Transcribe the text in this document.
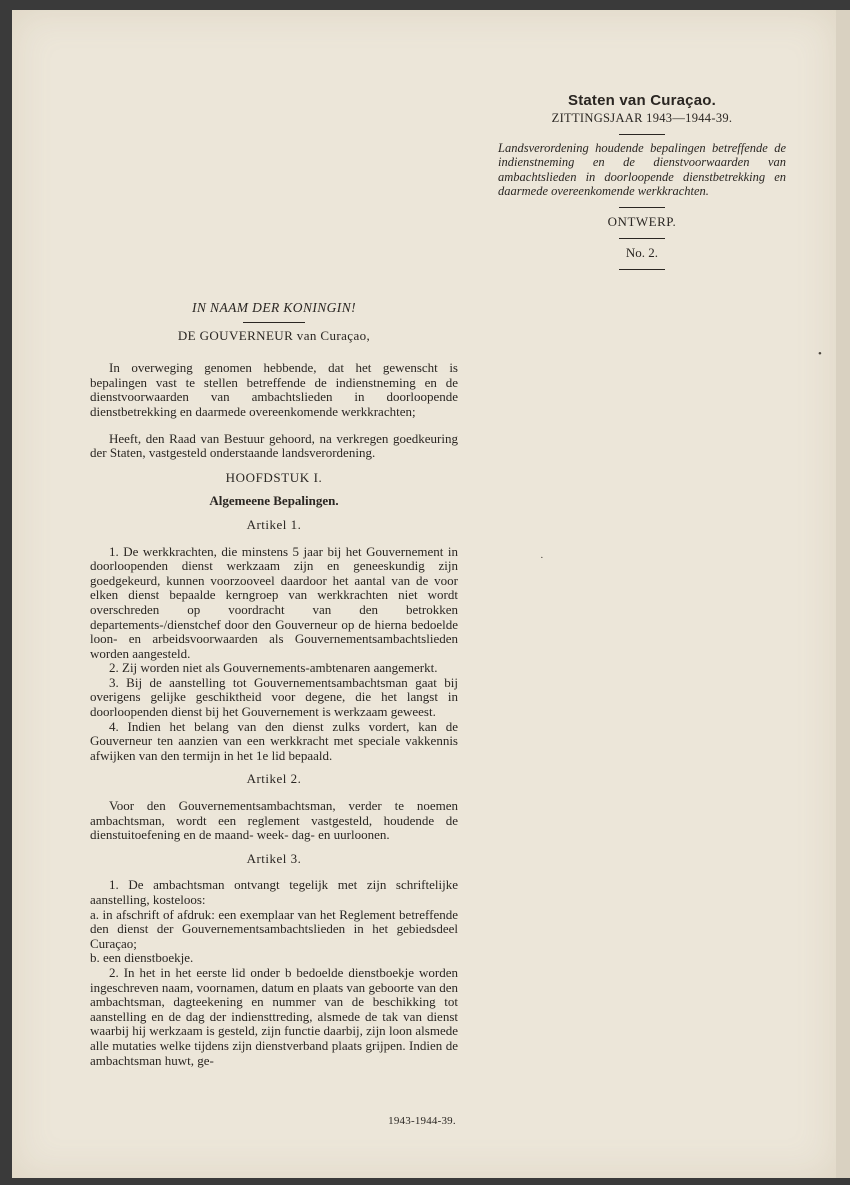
Staten van Curaçao.
ZITTINGSJAAR 1943—1944-39.

Landsverordening houdende bepalingen betreffende de indienstneming en de dienstvoorwaarden van ambachtslieden in doorloopende dienstbetrekking en daarmede overeenkomende werkkrachten.

ONTWERP.
No. 2.

IN NAAM DER KONINGIN!

DE GOUVERNEUR van Curaçao,

In overweging genomen hebbende, dat het gewenscht is bepalingen vast te stellen betreffende de indienstneming en de dienstvoorwaarden van ambachtslieden in doorloopende dienstbetrekking en daarmede overeenkomende werkkrachten;

Heeft, den Raad van Bestuur gehoord, na verkregen goedkeuring der Staten, vastgesteld onderstaande landsverordening.

HOOFDSTUK I.
Algemeene Bepalingen.
Artikel 1.

1. De werkkrachten, die minstens 5 jaar bij het Gouvernement in doorloopenden dienst werkzaam zijn en geneeskundig zijn goedgekeurd, kunnen voorzooveel daardoor het aantal van de voor elken dienst bepaalde kerngroep van werkkrachten niet wordt overschreden op voordracht van den betrokken departements-/dienstchef door den Gouverneur op de hierna bedoelde loon- en arbeidsvoorwaarden als Gouvernementsambachtslieden worden aangesteld.

2. Zij worden niet als Gouvernements-ambtenaren aangemerkt.

3. Bij de aanstelling tot Gouvernementsambachtsman gaat bij overigens gelijke geschiktheid voor degene, die het langst in doorloopenden dienst bij het Gouvernement is werkzaam geweest.

4. Indien het belang van den dienst zulks vordert, kan de Gouverneur ten aanzien van een werkkracht met speciale vakkennis afwijken van den termijn in het 1e lid bepaald.

Artikel 2.

Voor den Gouvernementsambachtsman, verder te noemen ambachtsman, wordt een reglement vastgesteld, houdende de dienstuitoefening en de maand- week- dag- en uurloonen.

Artikel 3.

1. De ambachtsman ontvangt tegelijk met zijn schriftelijke aanstelling, kosteloos:

a. in afschrift of afdruk: een exemplaar van het Reglement betreffende den dienst der Gouvernementsambachtslieden in het gebiedsdeel Curaçao;

b. een dienstboekje.

2. In het in het eerste lid onder b bedoelde dienstboekje worden ingeschreven naam, voornamen, datum en plaats van geboorte van den ambachtsman, dagteekening en nummer van de beschikking tot aanstelling en de dag der indiensttreding, alsmede de tak van dienst waarbij hij werkzaam is gesteld, zijn functie daarbij, zijn loon alsmede alle mutaties welke tijdens zijn dienstverband plaats grijpen. Indien de ambachtsman huwt, ge-

1943-1944-39.
•
·
